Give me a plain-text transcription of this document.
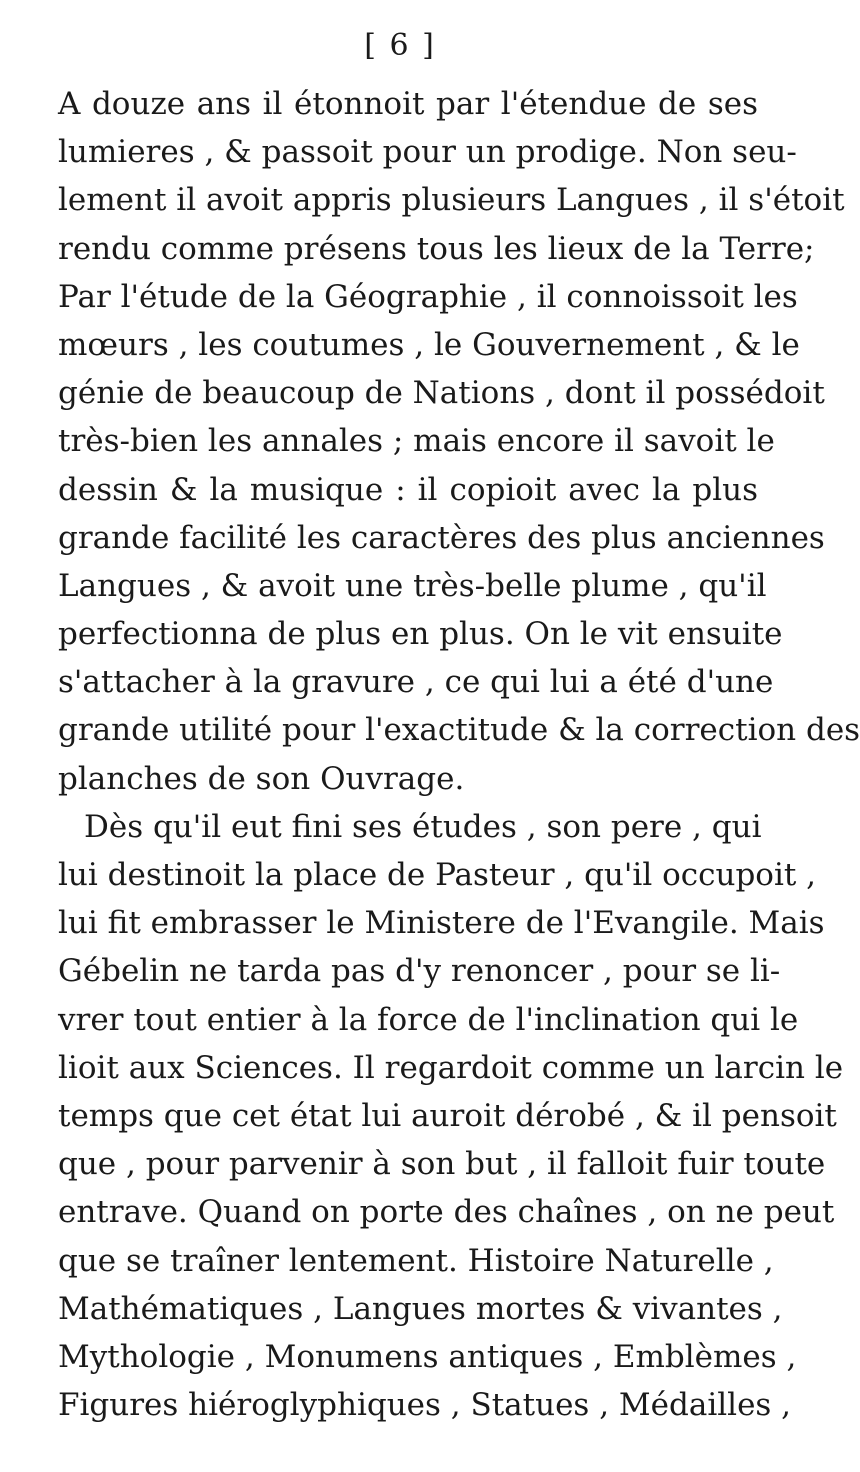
[ 6 ]
A douze ans il étonnoit par l'étendue de ses
lumieres , & passoit pour un prodige. Non seu-
lement il avoit appris plusieurs Langues , il s'étoit
rendu comme présens tous les lieux de la Terre;
Par l'étude de la Géographie , il connoissoit les
mœurs , les coutumes , le Gouvernement , & le
génie de beaucoup de Nations , dont il possédoit
très-bien les annales ; mais encore il savoit le
dessin & la musique : il copioit avec la plus
grande facilité les caractères des plus anciennes
Langues , & avoit une très-belle plume , qu'il
perfectionna de plus en plus. On le vit ensuite
s'attacher à la gravure , ce qui lui a été d'une
grande utilité pour l'exactitude & la correction des
planches de son Ouvrage.
Dès qu'il eut fini ses études , son pere , qui
lui destinoit la place de Pasteur , qu'il occupoit ,
lui fit embrasser le Ministere de l'Evangile. Mais
Gébelin ne tarda pas d'y renoncer , pour se li-
vrer tout entier à la force de l'inclination qui le
lioit aux Sciences. Il regardoit comme un larcin le
temps que cet état lui auroit dérobé , & il pensoit
que , pour parvenir à son but , il falloit fuir toute
entrave. Quand on porte des chaînes , on ne peut
que se traîner lentement. Histoire Naturelle ,
Mathématiques , Langues mortes & vivantes ,
Mythologie , Monumens antiques , Emblèmes ,
Figures hiéroglyphiques , Statues , Médailles ,
